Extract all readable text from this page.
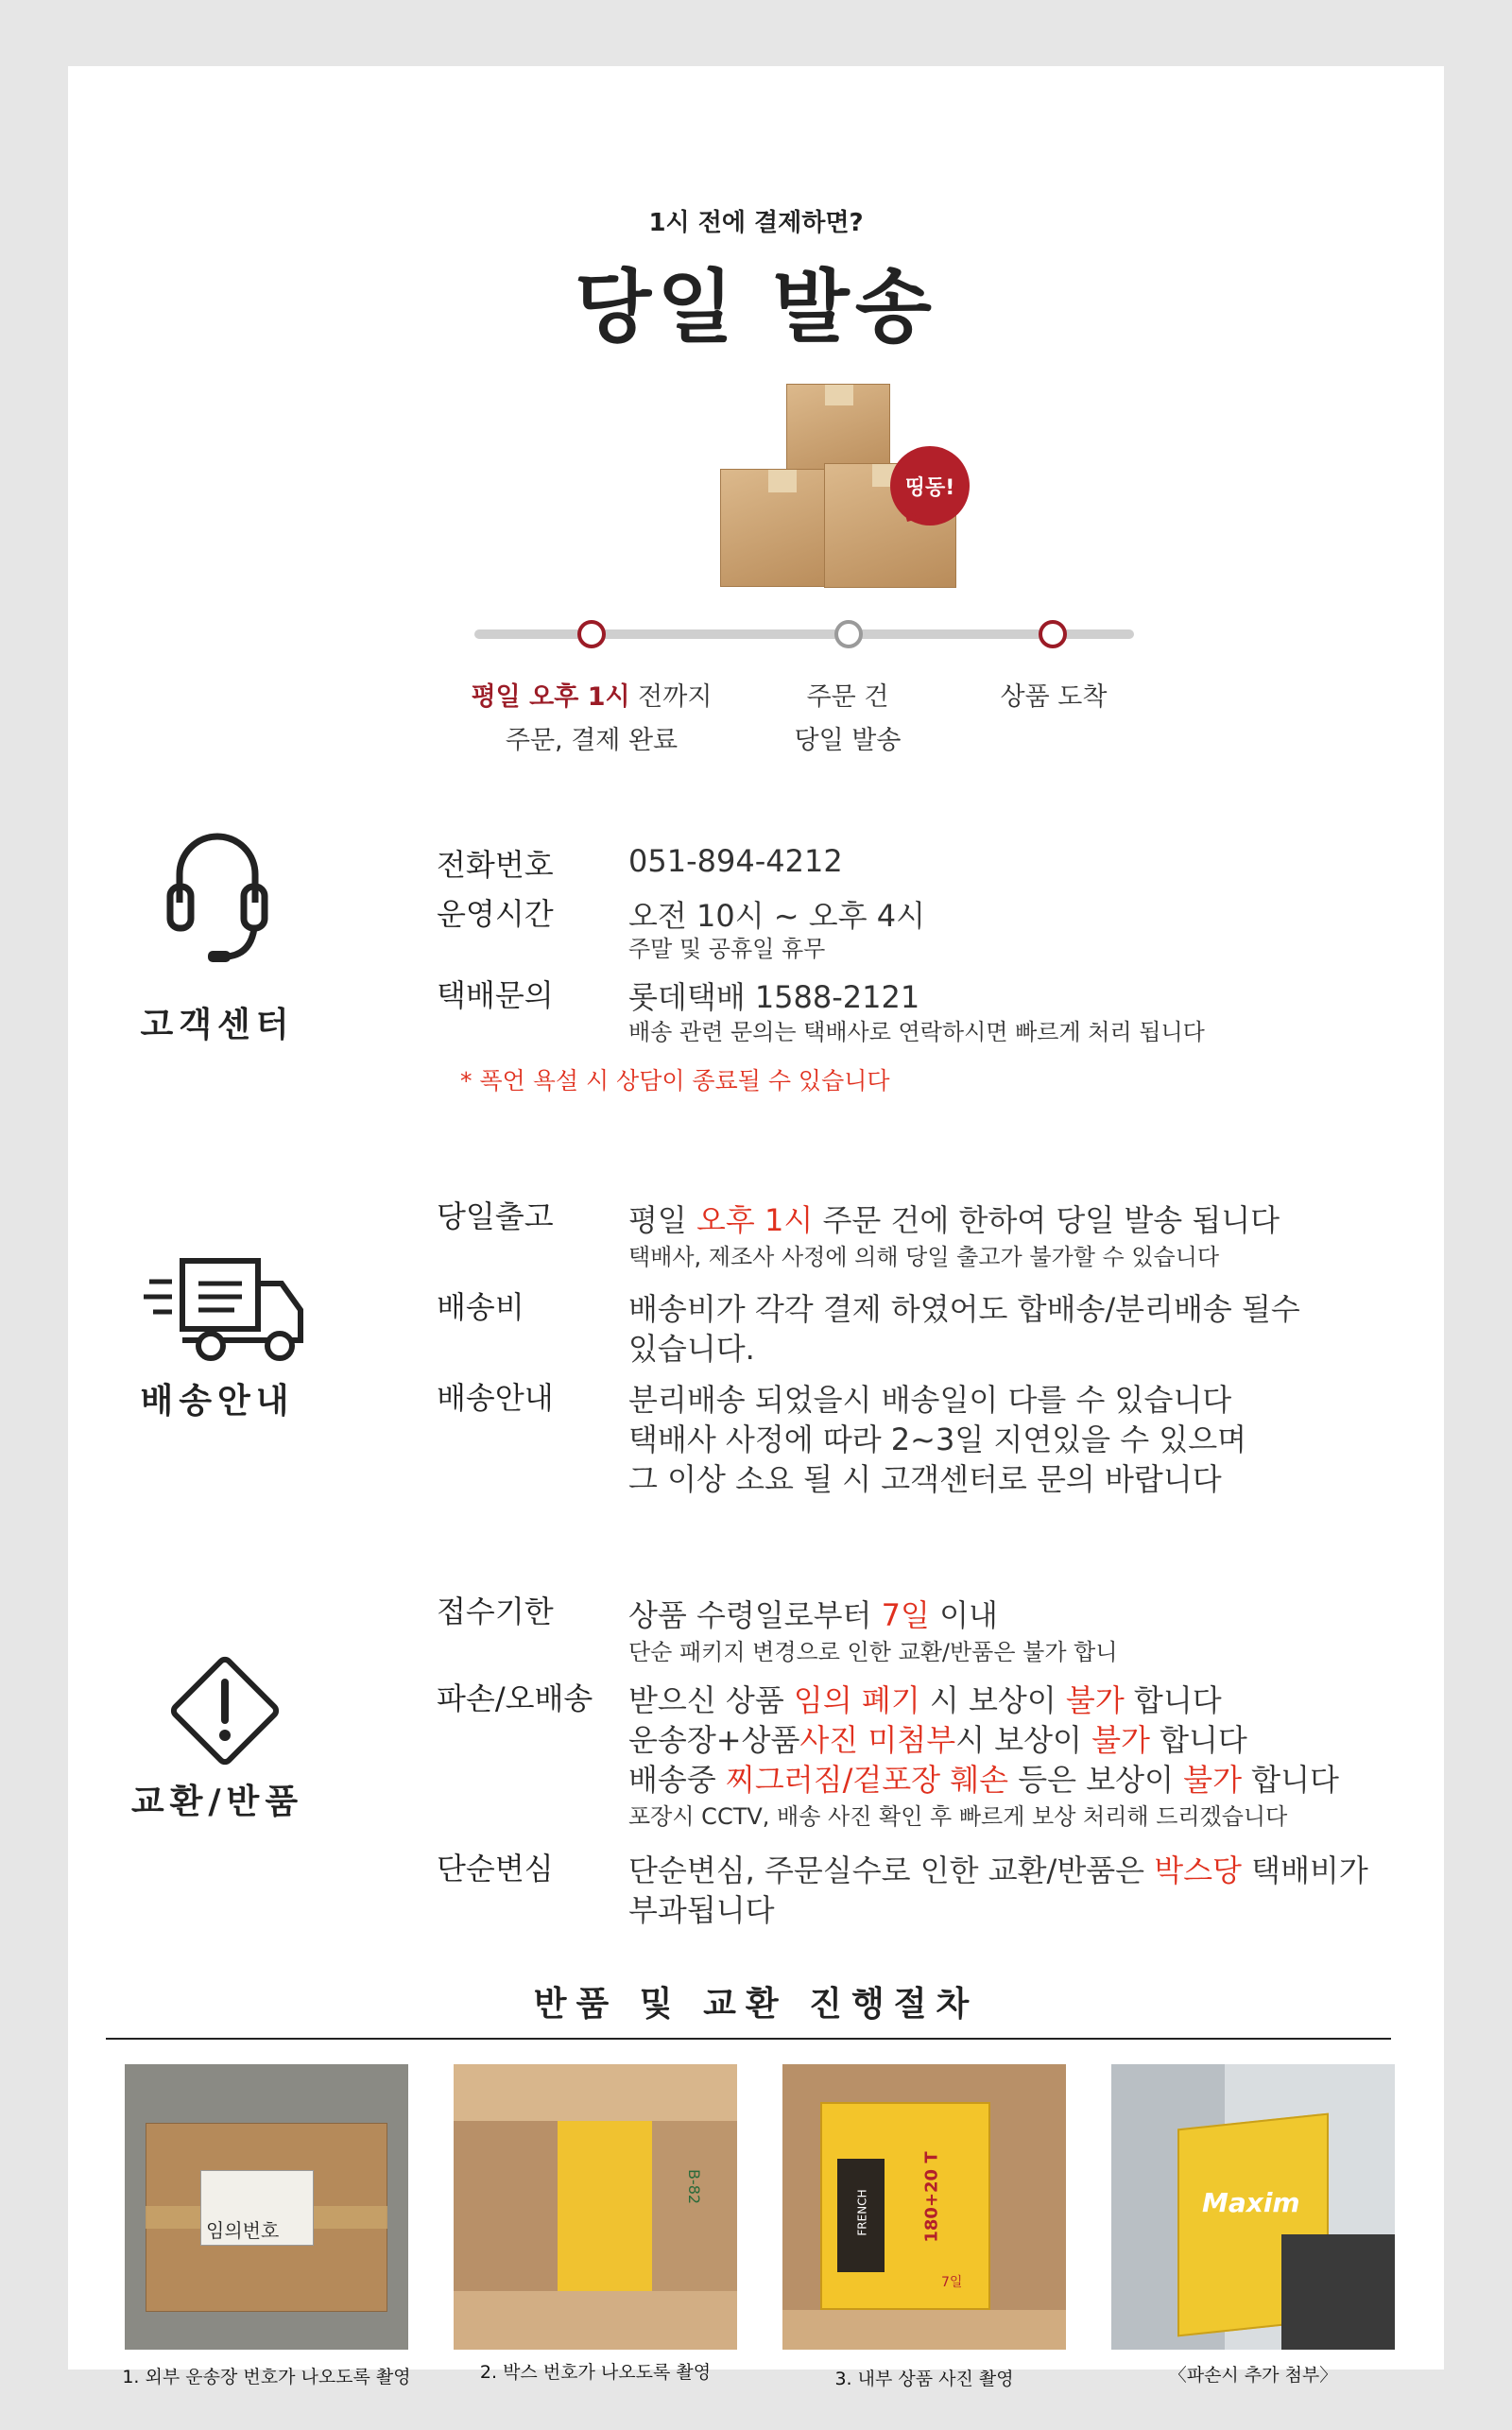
1시 전에 결제하면?
당일 발송
띵동!
평일 오후 1시 전까지
주문, 결제 완료
주문 건
당일 발송
상품 도착
고객센터
전화번호 051-894-4212
운영시간 오전 10시 ~ 오후 4시
주말 및 공휴일 휴무
택배문의 롯데택배 1588-2121
배송 관련 문의는 택배사로 연락하시면 빠르게 처리 됩니다
* 폭언 욕설 시 상담이 종료될 수 있습니다
배송안내
당일출고 평일 오후 1시 주문 건에 한하여 당일 발송 됩니다
택배사, 제조사 사정에 의해 당일 출고가 불가할 수 있습니다
배송비	배송비가 각각 결제 하였어도 합배송/분리배송 될수
있습니다.
배송안내 분리배송 되었을시 배송일이 다를 수 있습니다
택배사 사정에 따라 2~3일 지연있을 수 있으며
그 이상 소요 될 시 고객센터로 문의 바랍니다
교환/반품
접수기한 상품 수령일로부터 7일 이내
단순 패키지 변경으로 인한 교환/반품은 불가 합니
파손/오배송 받으신 상품 임의 폐기 시 보상이 불가 합니다
운송장+상품사진 미첨부시 보상이 불가 합니다
배송중 찌그러짐/겉포장 훼손 등은 보상이 불가 합니다
포장시 CCTV, 배송 사진 확인 후 빠르게 보상 처리해 드리겠습니다
단순변심 단순변심, 주문실수로 인한 교환/반품은 박스당 택배비가
부과됩니다
반품 및 교환 진행절차
임의번호
B-82
FRENCH	180+20 T
7일
Maxim
1. 외부 운송장 번호가 나오도록 촬영	2. 박스 번호가 나오도록 촬영	3. 내부 상품 사진 촬영	〈파손시 추가 첨부〉
